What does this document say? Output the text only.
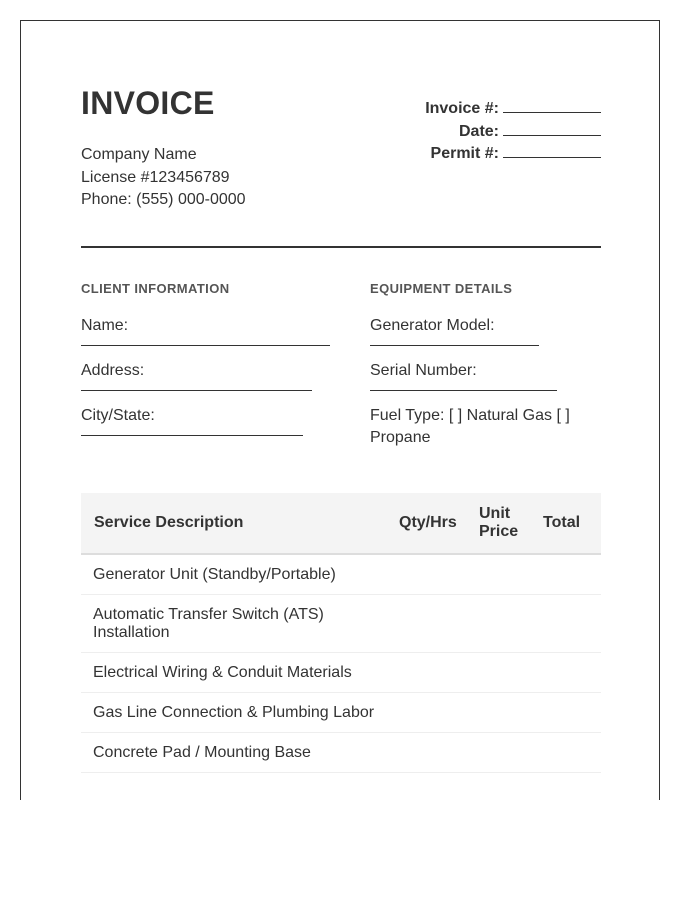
INVOICE
Company Name
License #123456789
Phone: (555) 000-0000
Invoice #:
Date:
Permit #:
CLIENT INFORMATION
Name:
Address:
City/State:
EQUIPMENT DETAILS
Generator Model:
Serial Number:
Fuel Type: [ ] Natural Gas [ ] Propane
Service Description	Qty/Hrs	Unit Price	Total
Generator Unit (Standby/Portable)			
Automatic Transfer Switch (ATS) Installation			
Electrical Wiring & Conduit Materials			
Gas Line Connection & Plumbing Labor			
Concrete Pad / Mounting Base			
